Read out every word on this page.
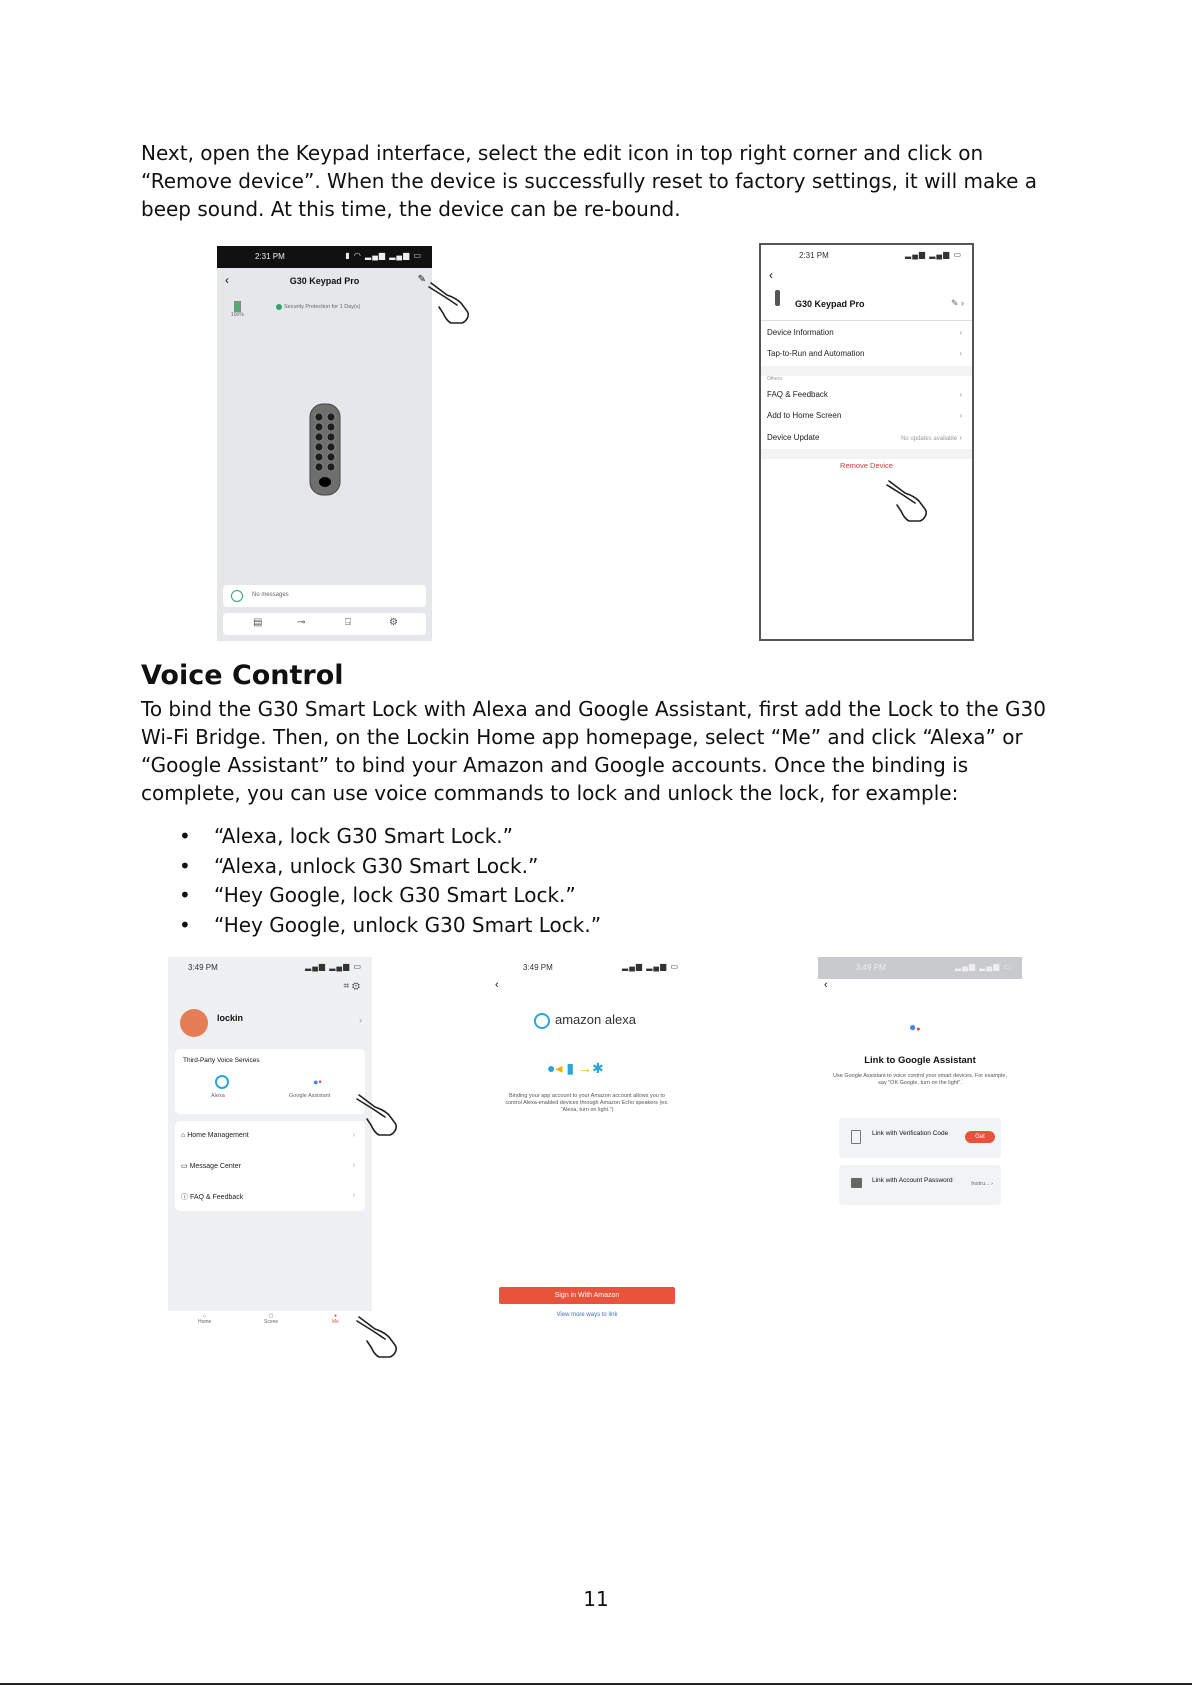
Next, open the Keypad interface, select the edit icon in top right corner and click on “Remove device”. When the device is successfully reset to factory settings, it will make a beep sound. At this time, the device can be re-bound.

2:31 PM	▮ ◠ ▂▄▆ ▂▄▆ ▭
‹	G30 Keypad Pro	✎
100%
Security Protection for 1 Day(s)
No messages
▤	⊸	⍈	⚙
2:31 PM	▂▄▆ ▂▄▆ ▭
‹
G30 Keypad Pro	✎ ›
Device Information	›
Tap-to-Run and Automation	›
Others
FAQ & Feedback	›
Add to Home Screen	›
Device Update	No updates available ›
Remove Device
Voice Control

To bind the G30 Smart Lock with Alexa and Google Assistant, first add the Lock to the G30 Wi-Fi Bridge. Then, on the Lockin Home app homepage, select “Me” and click “Alexa” or “Google Assistant” to bind your Amazon and Google accounts. Once the binding is complete, you can use voice commands to lock and unlock the lock, for example:

• “Alexa, lock G30 Smart Lock.”
• “Alexa, unlock G30 Smart Lock.”
• “Hey Google, lock G30 Smart Lock.”
• “Hey Google, unlock G30 Smart Lock.”
3:49 PM	▂▄▆ ▂▄▆ ▭
⌗ ⚙
lockin	›
Third-Party Voice Services
Alexa
●•
Google Assistant
⌂ Home Management	›
▭ Message Center	›
ⓘ FAQ & Feedback	›
⌂
Home
▢
Scene
●
Me
3:49 PM	▂▄▆ ▂▄▆ ▭
‹
amazon alexa
●◂ ▮ →✱
Binding your app account to your Amazon account allows you to control Alexa-enabled devices through Amazon Echo speakers (ex. "Alexa, turn on light.")
Sign in With Amazon
View more ways to link
3:49 PM	▂▄▆ ▂▄▆ ▭
‹
●●
Link to Google Assistant
Use Google Assistant to voice control your smart devices. For example, say "OK Google, turn on the light".
Link with Verification Code	Get
Link with Account Password	Instru... ›
11
